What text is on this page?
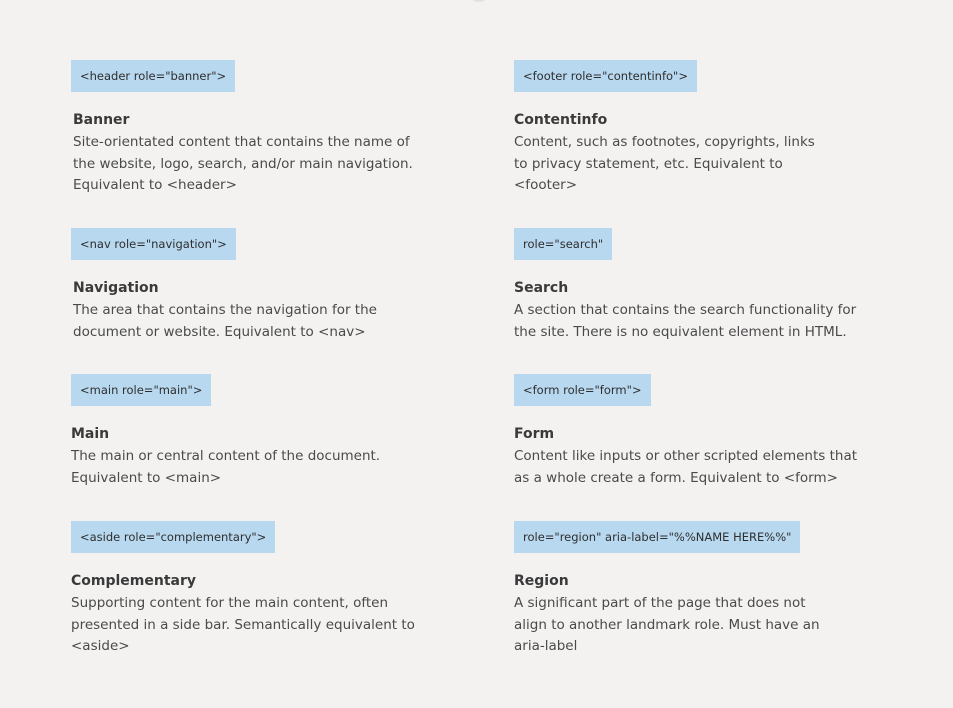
<header role="banner">
Banner
Site-orientated content that contains the name of
the website, logo, search, and/or main navigation.
Equivalent to <header>
<footer role="contentinfo">
Contentinfo
Content, such as footnotes, copyrights, links
to privacy statement, etc. Equivalent to
<footer>
<nav role="navigation">
Navigation
The area that contains the navigation for the
document or website. Equivalent to <nav>
role="search"
Search
A section that contains the search functionality for
the site. There is no equivalent element in HTML.
<main role="main">
Main
The main or central content of the document.
Equivalent to <main>
<form role="form">
Form
Content like inputs or other scripted elements that
as a whole create a form. Equivalent to <form>
<aside role="complementary">
Complementary
Supporting content for the main content, often
presented in a side bar. Semantically equivalent to
<aside>
role="region" aria-label="%%NAME HERE%%"
Region
A significant part of the page that does not
align to another landmark role. Must have an
aria-label
